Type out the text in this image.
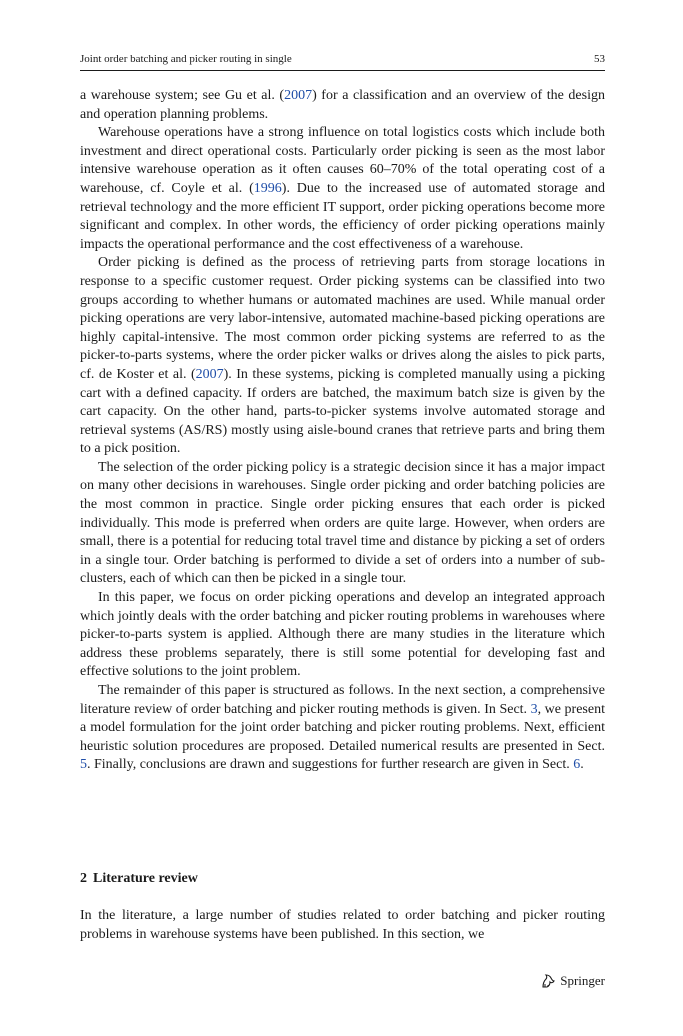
Joint order batching and picker routing in single	53

a warehouse system; see Gu et al. (2007) for a classification and an overview of the design and operation planning problems.

Warehouse operations have a strong influence on total logistics costs which include both investment and direct operational costs. Particularly order picking is seen as the most labor intensive warehouse operation as it often causes 60–70% of the total operating cost of a warehouse, cf. Coyle et al. (1996). Due to the increased use of automated storage and retrieval technology and the more efficient IT support, order picking operations become more significant and complex. In other words, the efficiency of order picking operations mainly impacts the operational performance and the cost effectiveness of a warehouse.

Order picking is defined as the process of retrieving parts from storage locations in response to a specific customer request. Order picking systems can be classified into two groups according to whether humans or automated machines are used. While manual order picking operations are very labor-intensive, automated machine-based picking operations are highly capital-intensive. The most common order picking systems are referred to as the picker-to-parts systems, where the order picker walks or drives along the aisles to pick parts, cf. de Koster et al. (2007). In these systems, picking is completed manually using a picking cart with a defined capacity. If orders are batched, the maximum batch size is given by the cart capacity. On the other hand, parts-to-picker systems involve automated storage and retrieval systems (AS/RS) mostly using aisle-bound cranes that retrieve parts and bring them to a pick position.

The selection of the order picking policy is a strategic decision since it has a major impact on many other decisions in warehouses. Single order picking and order batching policies are the most common in practice. Single order picking ensures that each order is picked individually. This mode is preferred when orders are quite large. However, when orders are small, there is a potential for reducing total travel time and distance by picking a set of orders in a single tour. Order batching is performed to divide a set of orders into a number of sub-clusters, each of which can then be picked in a single tour.

In this paper, we focus on order picking operations and develop an integrated approach which jointly deals with the order batching and picker routing problems in warehouses where picker-to-parts system is applied. Although there are many studies in the literature which address these problems separately, there is still some potential for developing fast and effective solutions to the joint problem.

The remainder of this paper is structured as follows. In the next section, a comprehensive literature review of order batching and picker routing methods is given. In Sect. 3, we present a model formulation for the joint order batching and picker routing problems. Next, efficient heuristic solution procedures are proposed. Detailed numerical results are presented in Sect. 5. Finally, conclusions are drawn and suggestions for further research are given in Sect. 6.

2 Literature review

In the literature, a large number of studies related to order batching and picker routing problems in warehouse systems have been published. In this section, we

Springer
